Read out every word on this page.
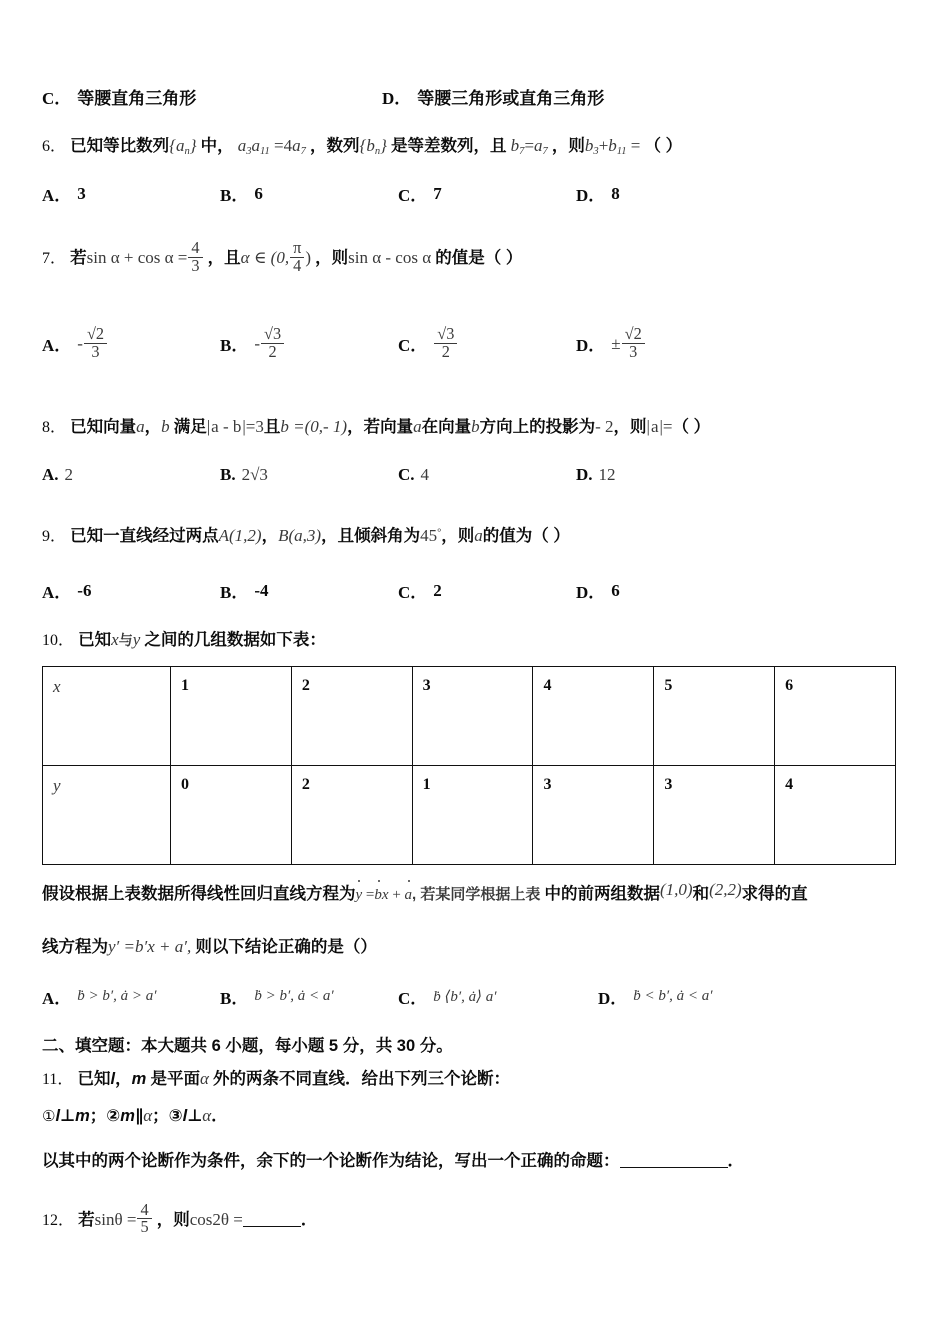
C． 等腰直角三角形	D． 等腰三角形或直角三角形
6． 已知等比数列$\{a_n\}$ 中， $a_3a_{11} =4a_7$ ，数列$\{b_n\}$ 是等差数列，且 $b_7=a_7$ ，则$b_3+b_{11}$ = （ ）
A． 3	B． 6	C． 7	D． 8
7． 若$\sin \alpha + \cos \alpha = \frac{4}{3}$ ，且α ∈ (0, $\frac{\pi}{4}$ ) ，则sin α - cos α 的值是（ ）
A． - $\frac{√2}{3}$	B． - $\frac{√3}{2}$	C． $\frac{√3}{2}$	D． ± $\frac{√2}{3}$
8． 已知向量a，b 满足 | a - b | =3且b =(0,- 1)，若向量a在向量b方向上的投影为- 2，则 | a | =（ ）
A. 2	B. 2√3	C. 4	D. 12
9． 已知一直线经过两点A(1,2)，B(a,3)，且倾斜角为45°，则a的值为（ ）
A． -6	B． -4	C． 2	D． 6
10． 已知x与y 之间的几组数据如下表：
x	1	2	3	4	5	6
y	0	2	1	3	3	4
假设根据上表数据所得线性回归直线方程为y =bx + a, 若某同学根据上表 中的前两组数据(1,0)和(2,2)求得的直
线方程为y′ =b′x + a′, 则以下结论正确的是（）
A． ḃ > b′, ȧ > a′	B． ḃ > b′, ȧ < a′	C． ḃ ⟨b′, ȧ⟩ a′	D． ḃ < b′, ȧ < a′
二、填空题：本大题共 6 小题，每小题 5 分，共 30 分。
11． 已知l，m 是平面α 外的两条不同直线．给出下列三个论断：
①l⊥m；②m∥α；③l⊥α．
以其中的两个论断作为条件，余下的一个论断作为结论，写出一个正确的命题：	．
12． 若$\sin\theta = \frac{4}{5}$ ，则cos2θ =	．
